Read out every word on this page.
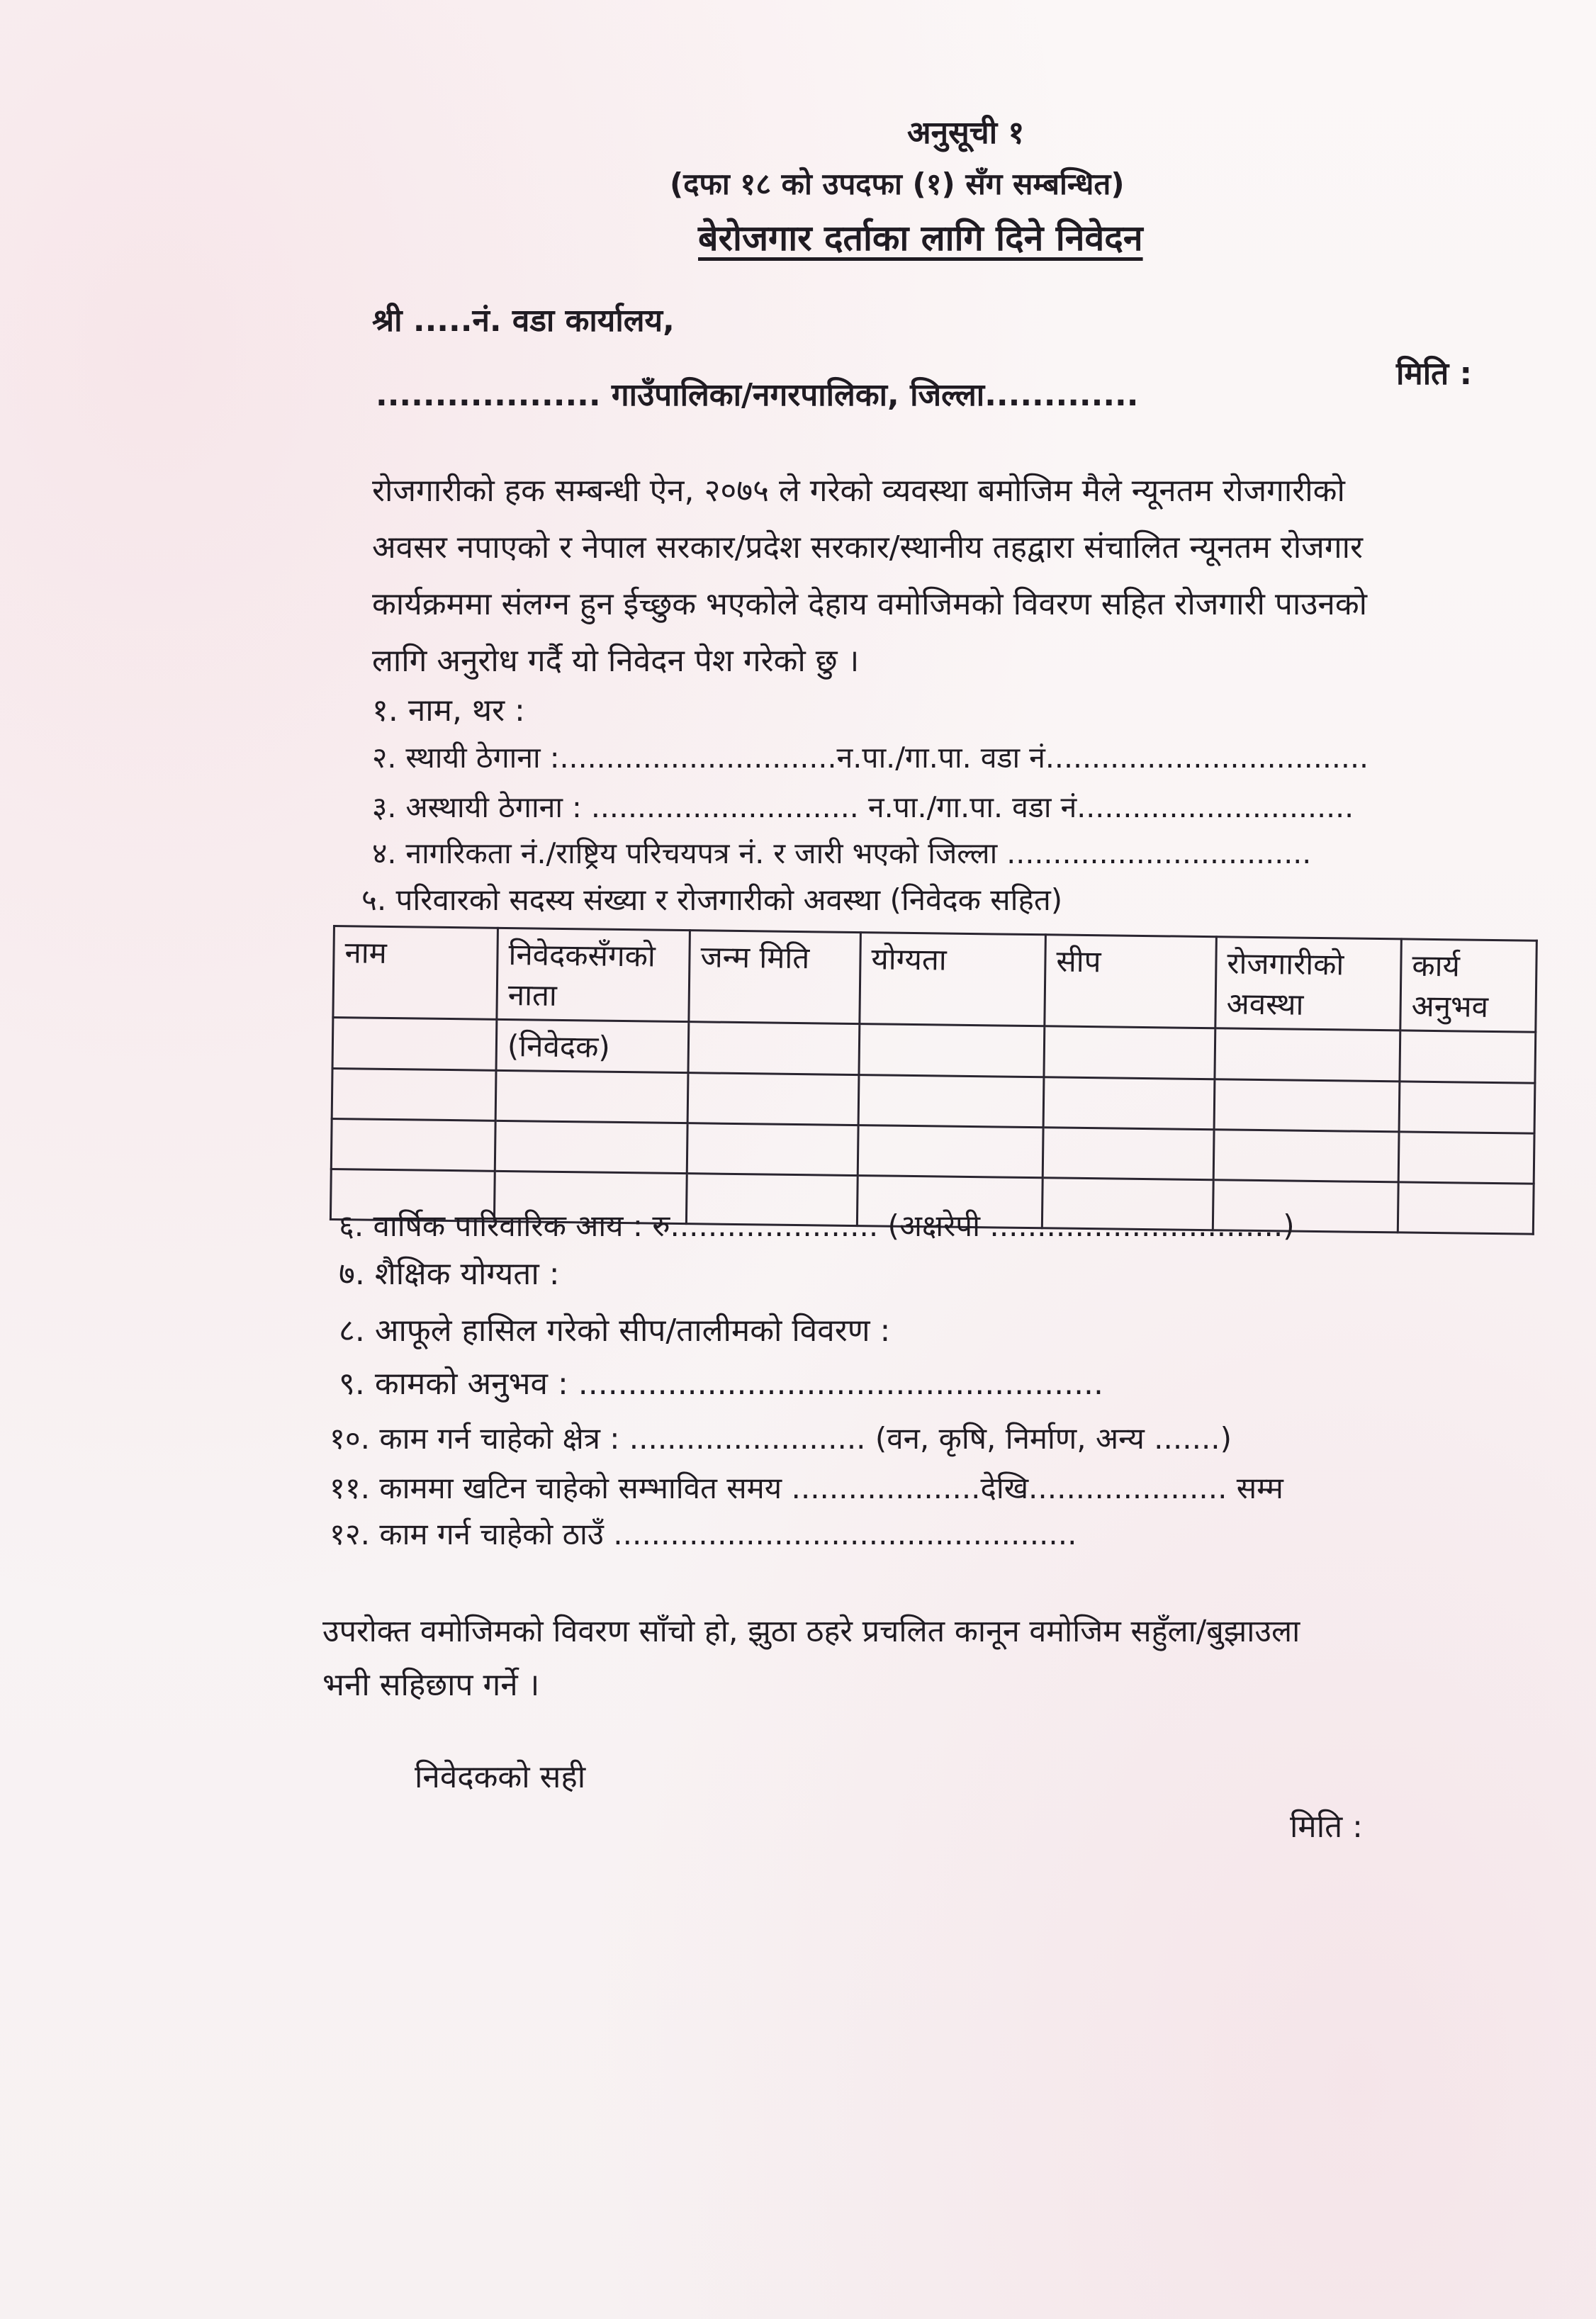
अनुसूची १
(दफा १८ को उपदफा (१) सँग सम्बन्धित)
बेरोजगार दर्ताका लागि दिने निवेदन
श्री .....नं. वडा कार्यालय,
................... गाउँपालिका/नगरपालिका, जिल्ला.............
मिति :
रोजगारीको हक सम्बन्धी ऐन, २०७५ ले गरेको व्यवस्था बमोजिम मैले न्यूनतम रोजगारीको
अवसर नपाएको र नेपाल सरकार/प्रदेश सरकार/स्थानीय तहद्वारा संचालित न्यूनतम रोजगार
कार्यक्रममा संलग्न हुन ईच्छुक भएकोले देहाय वमोजिमको विवरण सहित रोजगारी पाउनको
लागि अनुरोध गर्दै यो निवेदन पेश गरेको छु ।
१. नाम, थर :
२. स्थायी ठेगाना :..............................न.पा./गा.पा. वडा नं...................................
३. अस्थायी ठेगाना : ............................. न.पा./गा.पा. वडा नं..............................
४. नागरिकता नं./राष्ट्रिय परिचयपत्र नं. र जारी भएको जिल्ला .................................
५. परिवारको सदस्य संख्या र रोजगारीको अवस्था (निवेदक सहित)
नाम	निवेदकसँगको नाता	जन्म मिति	योग्यता	सीप	रोजगारीको अवस्था	कार्य अनुभव
	(निवेदक)					

६. वार्षिक पारिवारिक आय : रु...................... (अक्षरेपी ...............................)
७. शैक्षिक योग्यता :
८. आफूले हासिल गरेको सीप/तालीमको विवरण :
९. कामको अनुभव : .....................................................
१०. काम गर्न चाहेको क्षेत्र : ......................... (वन, कृषि, निर्माण, अन्य .......)
११. काममा खटिन चाहेको सम्भावित समय ....................देखि..................... सम्म
१२. काम गर्न चाहेको ठाउँ .................................................
उपरोक्त वमोजिमको विवरण साँचो हो, झुठा ठहरे प्रचलित कानून वमोजिम सहुँला/बुझाउला
भनी सहिछाप गर्ने ।
निवेदकको सही
मिति :
